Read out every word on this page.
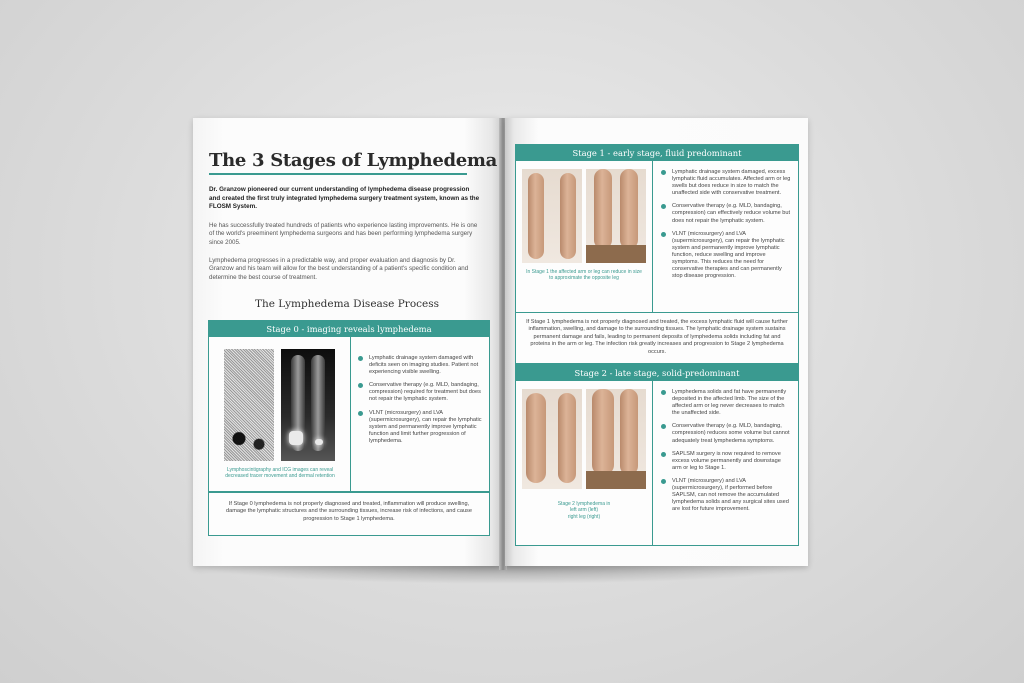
The 3 Stages of Lymphedema
Dr. Granzow pioneered our current understanding of lymphedema disease progression and created the first truly integrated lymphedema surgery treatment system, known as the FLOSM System.
He has successfully treated hundreds of patients who experience lasting improvements. He is one of the world's preeminent lymphedema surgeons and has been performing lymphedema surgery since 2005.
Lymphedema progresses in a predictable way, and proper evaluation and diagnosis by Dr. Granzow and his team will allow for the best understanding of a patient's specific condition and determine the best course of treatment.
The Lymphedema Disease Process
Stage 0 - imaging reveals lymphedema
Lymphoscintigraphy and ICG images can reveal decreased tracer movement and dermal retention
Lymphatic drainage system damaged with deficits seen on imaging studies. Patient not experiencing visible swelling.
Conservative therapy (e.g. MLD, bandaging, compression) required for treatment but does not repair the lymphatic system.
VLNT (microsurgery) and LVA (supermicrosurgery), can repair the lymphatic system and permanently improve lymphatic function and limit further progression of lymphedema.
If Stage 0 lymphedema is not properly diagnosed and treated, inflammation will produce swelling, damage the lymphatic structures and the surrounding tissues, increase risk of infections, and cause progression to Stage 1 lymphedema.
Stage 1 - early stage, fluid predominant
In Stage 1 the affected arm or leg can reduce in size to approximate the opposite leg
Lymphatic drainage system damaged, excess lymphatic fluid accumulates. Affected arm or leg swells but does reduce in size to match the unaffected side with conservative treatment.
Conservative therapy (e.g. MLD, bandaging, compression) can effectively reduce volume but does not repair the lymphatic system.
VLNT (microsurgery) and LVA (supermicrosurgery), can repair the lymphatic system and permanently improve lymphatic function, reduce swelling and improve symptoms. This reduces the need for conservative therapies and can permanently stop disease progression.
If Stage 1 lymphedema is not properly diagnosed and treated, the excess lymphatic fluid will cause further inflammation, swelling, and damage to the surrounding tissues. The lymphatic drainage system sustains permanent damage and fails, leading to permanent deposits of lymphedema solids including fat and proteins in the arm or leg. The infection risk greatly increases and progression to Stage 2 lymphedema occurs.
Stage 2 - late stage, solid-predominant
Stage 2 lymphedema in
left arm (left)
right leg (right)
Lymphedema solids and fat have permanently deposited in the affected limb. The size of the affected arm or leg never decreases to match the unaffected side.
Conservative therapy (e.g. MLD, bandaging, compression) reduces some volume but cannot adequately treat lymphedema symptoms.
SAPLSM surgery is now required to remove excess volume permanently and downstage arm or leg to Stage 1.
VLNT (microsurgery) and LVA (supermicrosurgery), if performed before SAPLSM, can not remove the accumulated lymphedema solids and any surgical sites used are lost for future improvement.
